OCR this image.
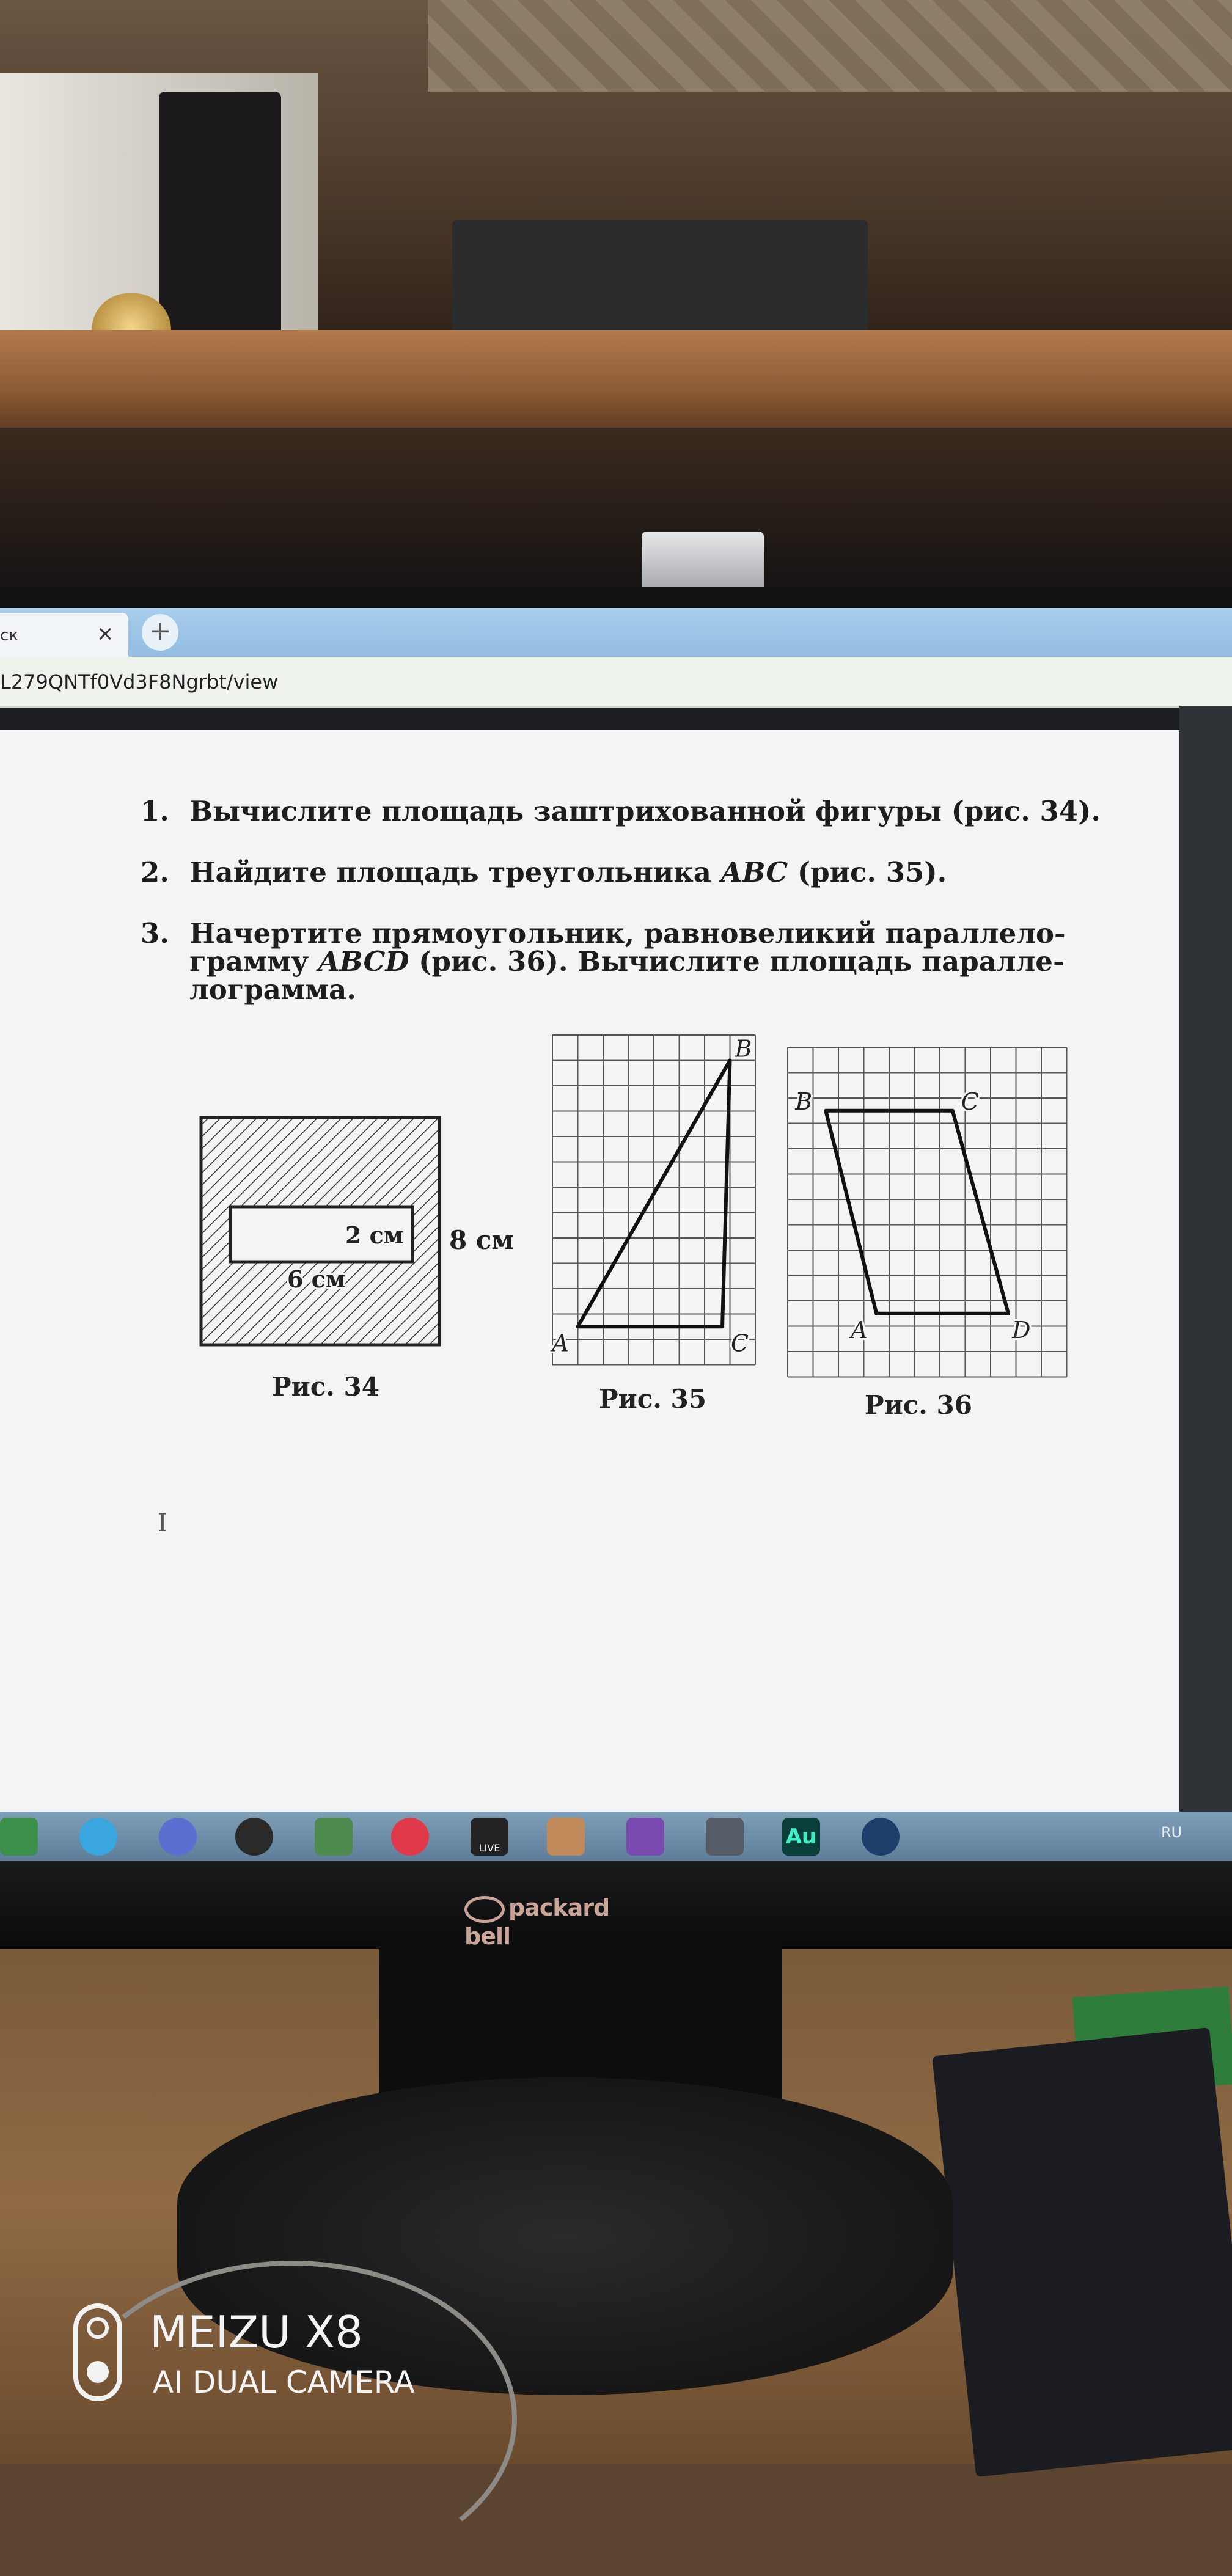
packard bell
ск	× +
L279QNTf0Vd3F8Ngrbt/view
1. Вычислите площадь заштрихованной фигуры (рис. 34).
2. Найдите площадь треугольника ABC (рис. 35).
3. Начертите прямоугольник, равновеликий параллело-
грамму ABCD (рис. 36). Вычислите площадь паралле-
лограмма.
2 см
6 см
8 см
Рис. 34
A
B
C
Рис. 35
A
B	C
D
Рис. 36
I
LIVE	Au	RU
MEIZU X8
AI DUAL CAMERA
